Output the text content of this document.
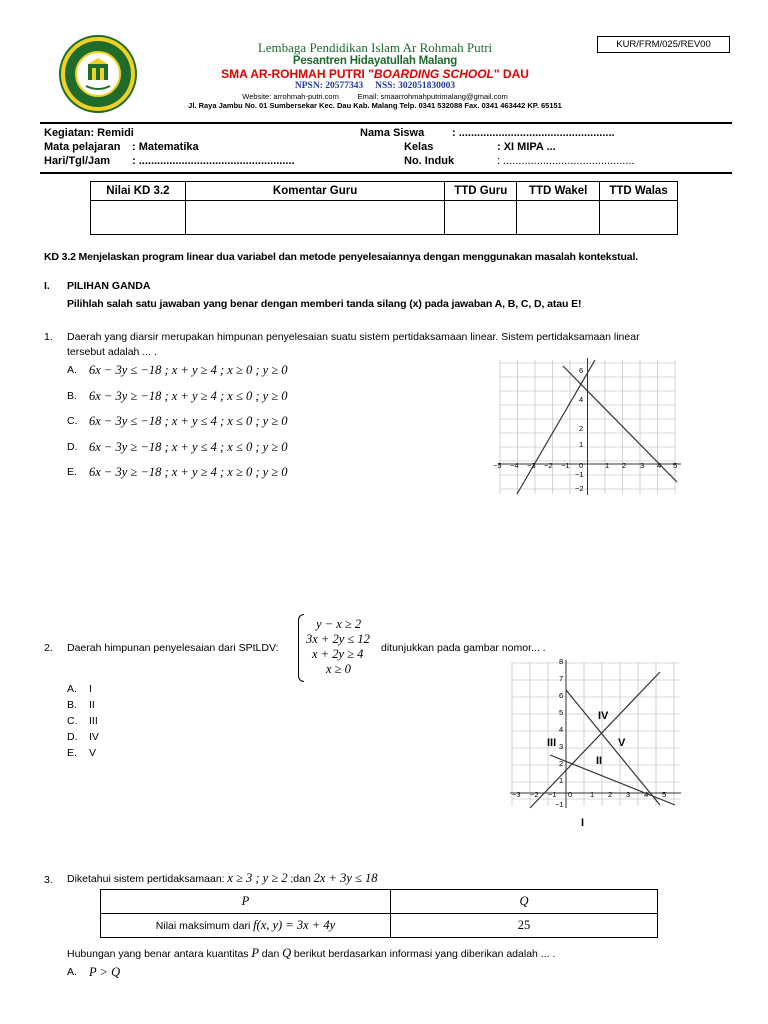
KUR/FRM/025/REV00
Lembaga Pendidikan Islam Ar Rohmah Putri
Pesantren Hidayatullah Malang
SMA AR-ROHMAH PUTRI "BOARDING SCHOOL" DAU
NPSN: 20577343 NSS: 302051830003
Website: arrohmah-putri.com	Email: smaarrohmahputrimalang@gmail.com
Jl. Raya Jambu No. 01 Sumbersekar Kec. Dau Kab. Malang Telp. 0341 532088 Fax. 0341 463442 KP. 65151
Kegiatan: Remidi
Mata pelajaran : Matematika
Hari/Tgl/Jam : ...................................................
Nama Siswa	: ...................................................
Kelas	: XI MIPA ...
No. Induk	: ...........................................
Nilai KD 3.2	Komentar Guru	TTD Guru	TTD Wakel	TTD Walas

KD 3.2 Menjelaskan program linear dua variabel dan metode penyelesaiannya dengan menggunakan masalah kontekstual.
I. PILIHAN GANDA
Pilihlah salah satu jawaban yang benar dengan memberi tanda silang (x) pada jawaban A, B, C, D, atau E!
1. Daerah yang diarsir merupakan himpunan penyelesaian suatu sistem pertidaksamaan linear. Sistem pertidaksamaan linear
tersebut adalah ... .
A. 6x − 3y ≤ −18 ; x + y ≥ 4 ; x ≥ 0 ; y ≥ 0
B. 6x − 3y ≥ −18 ; x + y ≥ 4 ; x ≤ 0 ; y ≥ 0
C. 6x − 3y ≤ −18 ; x + y ≤ 4 ; x ≤ 0 ; y ≥ 0
D. 6x − 3y ≥ −18 ; x + y ≤ 4 ; x ≤ 0 ; y ≥ 0
E. 6x − 3y ≥ −18 ; x + y ≥ 4 ; x ≥ 0 ; y ≥ 0	−5 −4 −3 −2 −1 0	1 2 3 4 5
6
4
2
1
−1
−2
2. Daerah himpunan penyelesaian dari SPtLDV:
y − x ≥ 2
3x + 2y ≤ 12
x + 2y ≥ 4
x ≥ 0
ditunjukkan pada gambar nomor... .
A. I
B. II
C. III
D. IV
E. V
−3 −2 −1 0 1 2 3 4 5
8
7
6
5
4
3
2
1
−1
IV
III	V
II
I
3. Diketahui sistem pertidaksamaan: x ≥ 3 ; y ≥ 2 ;dan 2x + 3y ≤ 18
P	Q
Nilai maksimum dari f(x, y) = 3x + 4y	25
Hubungan yang benar antara kuantitas P dan Q berikut berdasarkan informasi yang diberikan adalah ... .
A. P > Q
